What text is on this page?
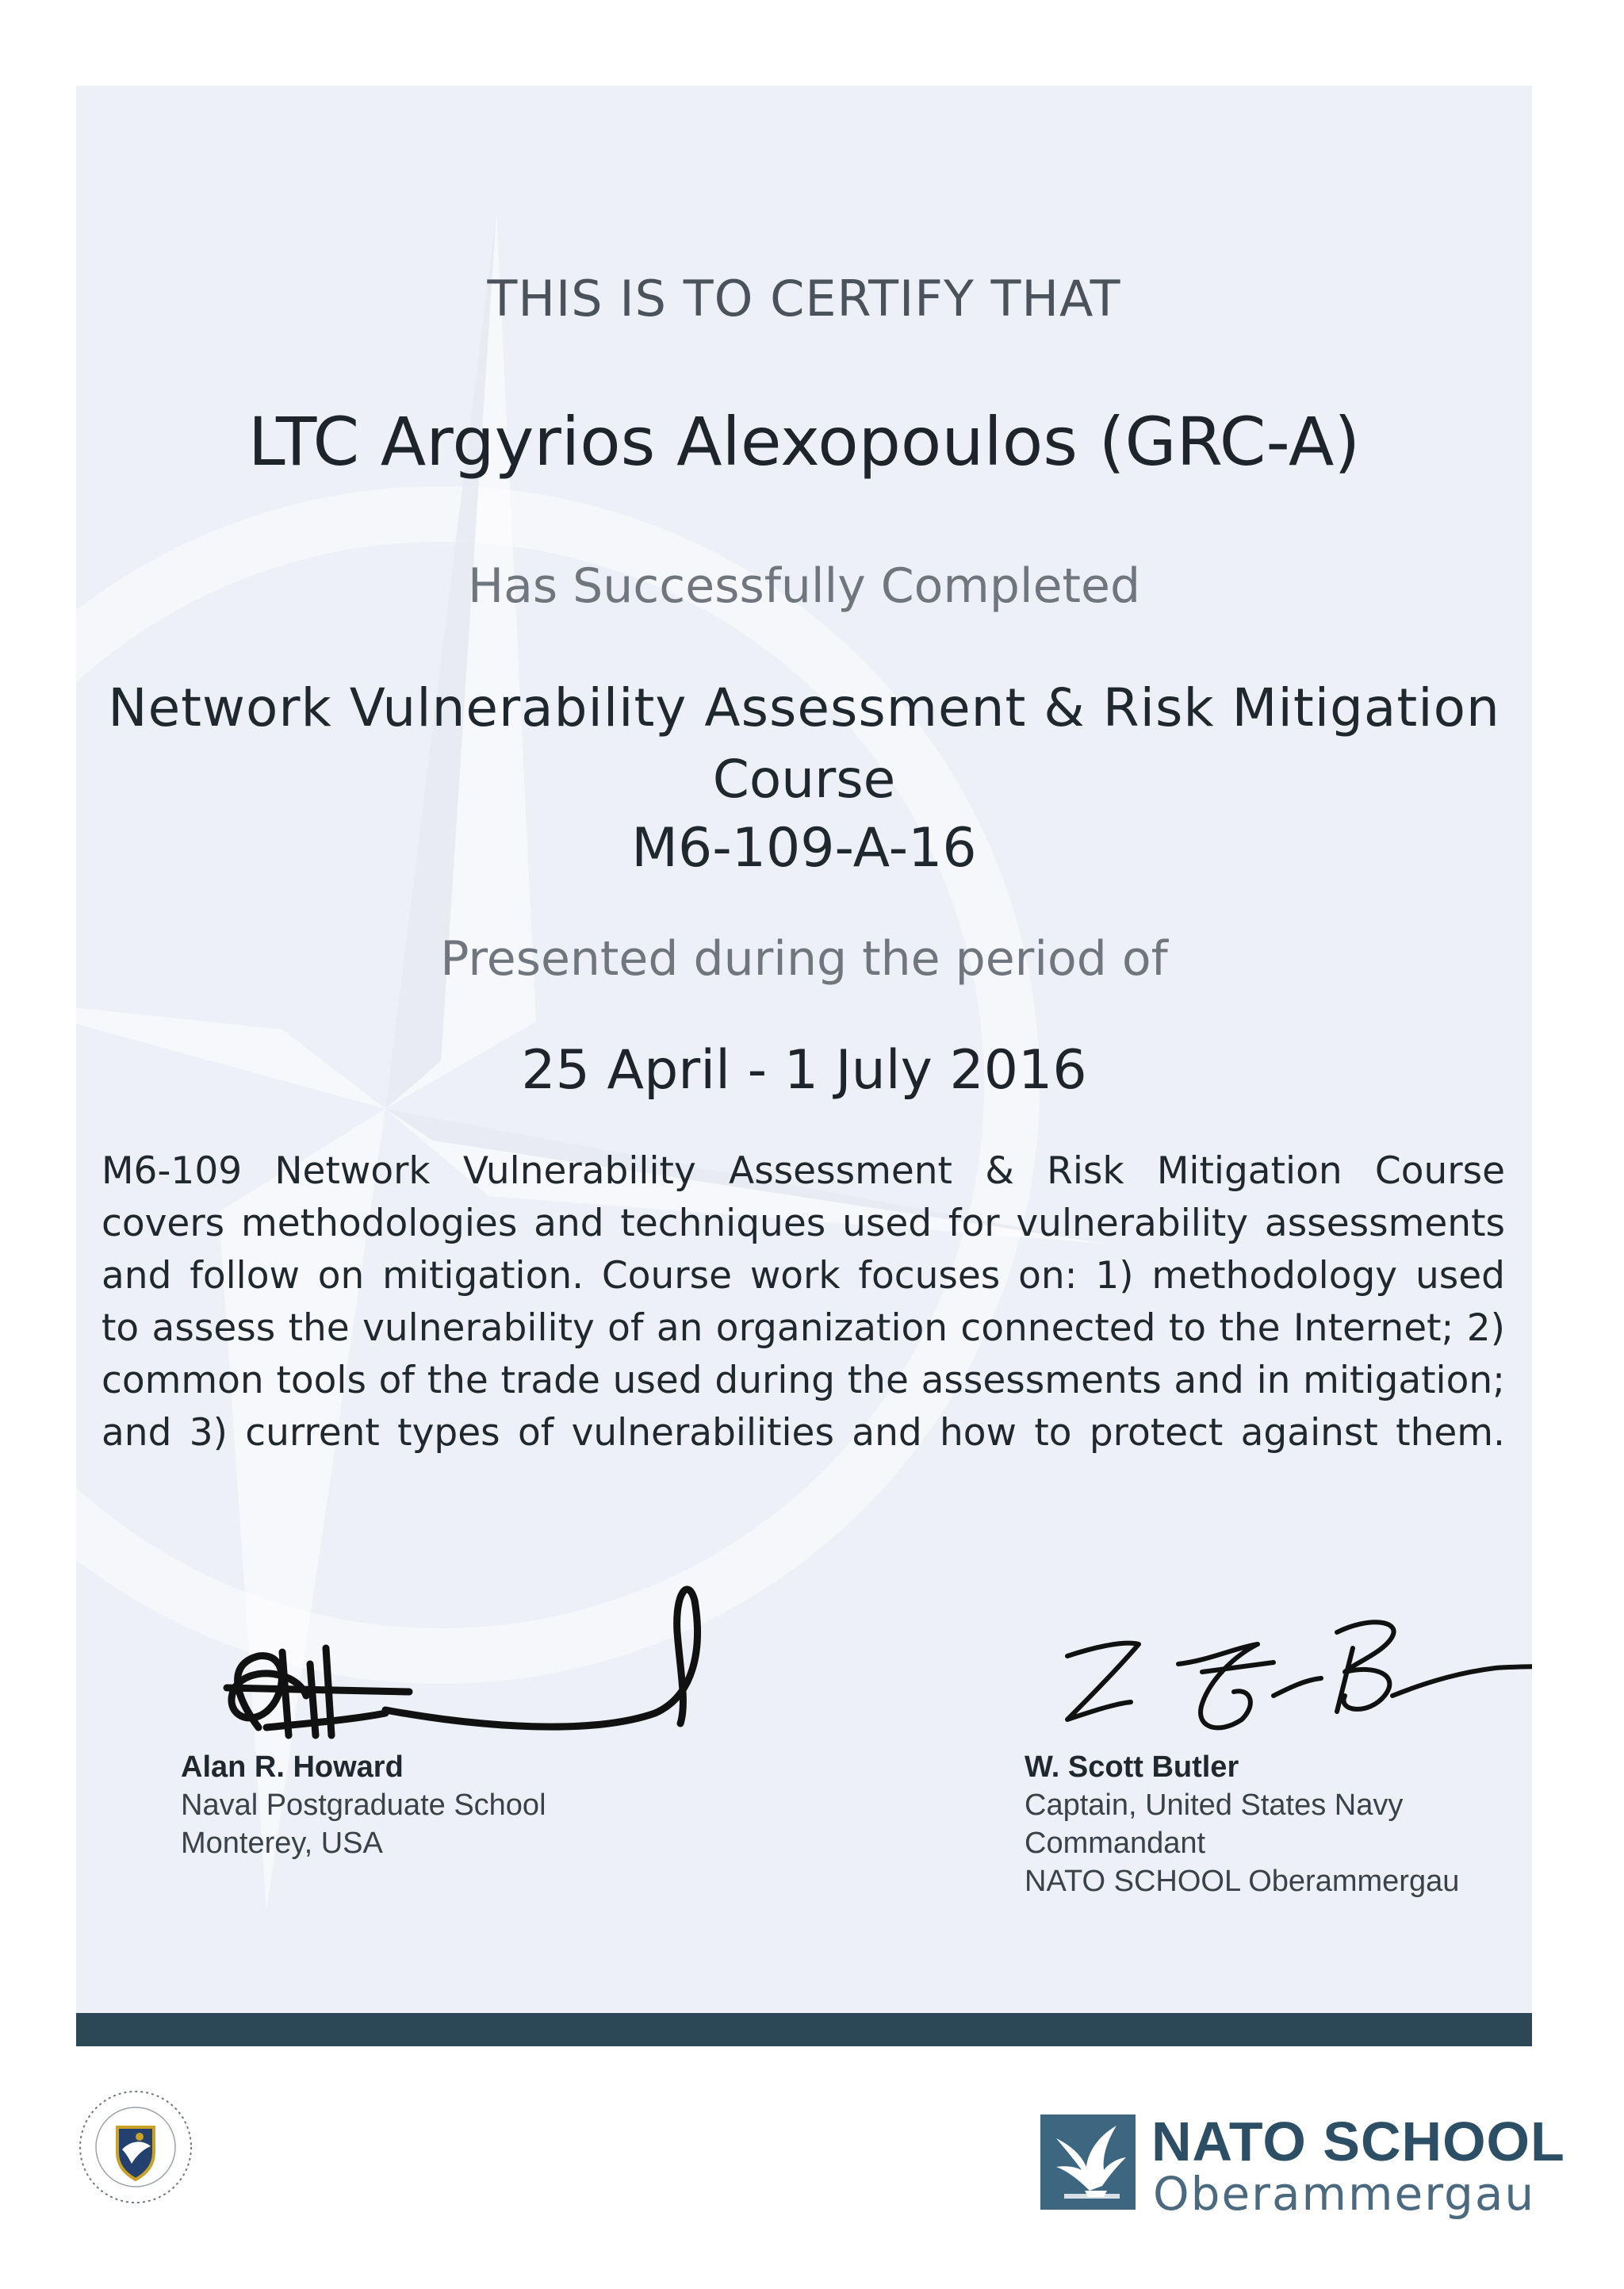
THIS IS TO CERTIFY THAT
LTC Argyrios Alexopoulos (GRC-A)
Has Successfully Completed
Network Vulnerability Assessment & Risk Mitigation
Course
M6-109-A-16
Presented during the period of
25 April - 1 July 2016
M6-109 Network Vulnerability Assessment & Risk Mitigation Course
covers methodologies and techniques used for vulnerability assessments
and follow on mitigation. Course work focuses on: 1) methodology used
to assess the vulnerability of an organization connected to the Internet; 2)
common tools of the trade used during the assessments and in mitigation;
and 3) current types of vulnerabilities and how to protect against them.
Alan R. Howard
Naval Postgraduate School
Monterey, USA
W. Scott Butler
Captain, United States Navy
Commandant
NATO SCHOOL Oberammergau
NATO SCHOOL
Oberammergau
